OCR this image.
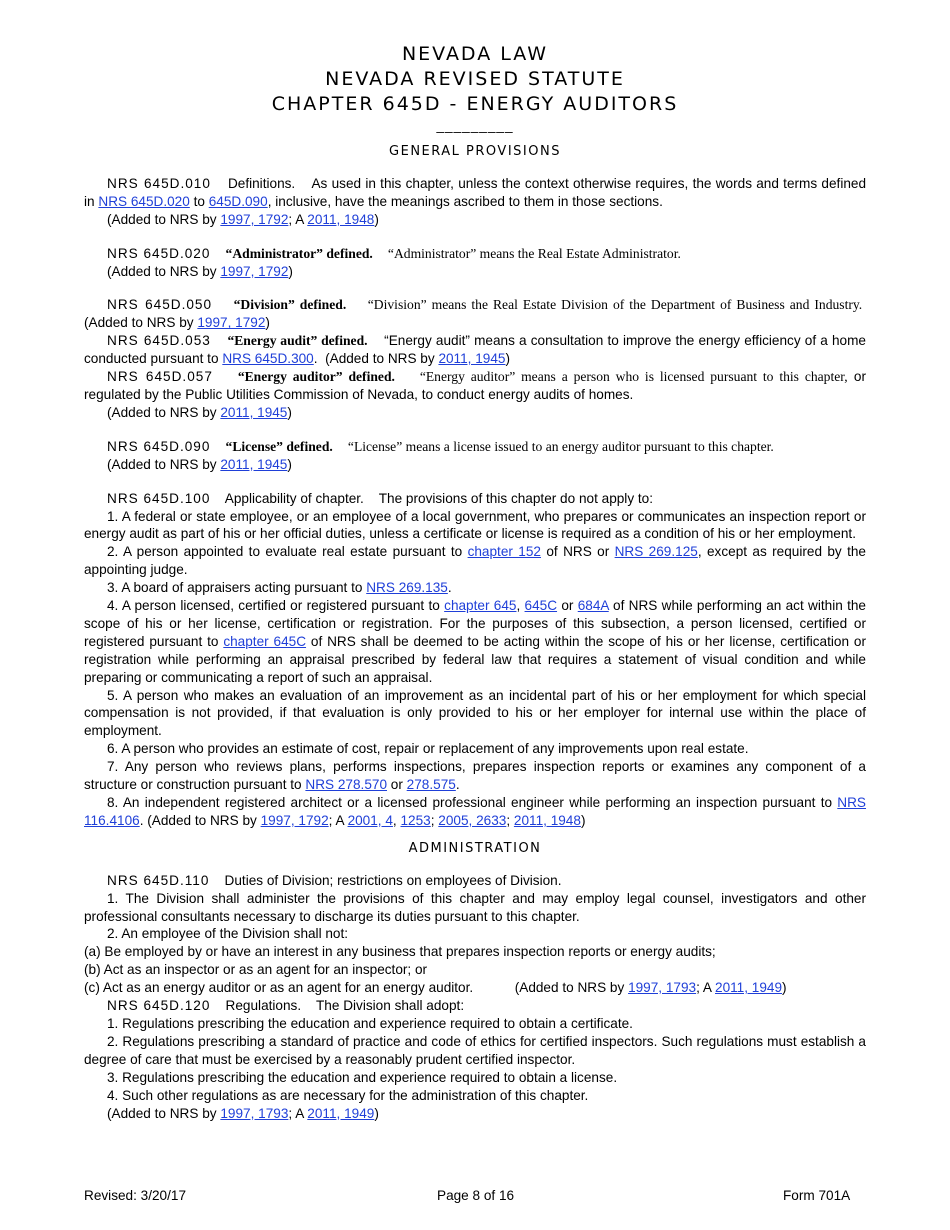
NEVADA LAW
NEVADA REVISED STATUTE
CHAPTER 645D - ENERGY AUDITORS
_________
GENERAL PROVISIONS

NRS 645D.010 Definitions. As used in this chapter, unless the context otherwise requires, the words and terms defined in NRS 645D.020 to 645D.090, inclusive, have the meanings ascribed to them in those sections.

(Added to NRS by 1997, 1792; A 2011, 1948)

NRS 645D.020 “Administrator” defined. “Administrator” means the Real Estate Administrator.

(Added to NRS by 1997, 1792)

NRS 645D.050 “Division” defined. “Division” means the Real Estate Division of the Department of Business and Industry.  (Added to NRS by 1997, 1792)

NRS 645D.053 “Energy audit” defined. “Energy audit” means a consultation to improve the energy efficiency of a home conducted pursuant to NRS 645D.300. (Added to NRS by 2011, 1945)

NRS 645D.057 “Energy auditor” defined. “Energy auditor” means a person who is licensed pursuant to this chapter, or regulated by the Public Utilities Commission of Nevada, to conduct energy audits of homes.

(Added to NRS by 2011, 1945)

NRS 645D.090 “License” defined. “License” means a license issued to an energy auditor pursuant to this chapter.

(Added to NRS by 2011, 1945)

NRS 645D.100 Applicability of chapter. The provisions of this chapter do not apply to:

1. A federal or state employee, or an employee of a local government, who prepares or communicates an inspection report or energy audit as part of his or her official duties, unless a certificate or license is required as a condition of his or her employment.

2. A person appointed to evaluate real estate pursuant to chapter 152 of NRS or NRS 269.125, except as required by the appointing judge.

3. A board of appraisers acting pursuant to NRS 269.135.

4. A person licensed, certified or registered pursuant to chapter 645, 645C or 684A of NRS while performing an act within the scope of his or her license, certification or registration. For the purposes of this subsection, a person licensed, certified or registered pursuant to chapter 645C of NRS shall be deemed to be acting within the scope of his or her license, certification or registration while performing an appraisal prescribed by federal law that requires a statement of visual condition and while preparing or communicating a report of such an appraisal.

5. A person who makes an evaluation of an improvement as an incidental part of his or her employment for which special compensation is not provided, if that evaluation is only provided to his or her employer for internal use within the place of employment.

6. A person who provides an estimate of cost, repair or replacement of any improvements upon real estate.

7. Any person who reviews plans, performs inspections, prepares inspection reports or examines any component of a structure or construction pursuant to NRS 278.570 or 278.575.

8. An independent registered architect or a licensed professional engineer while performing an inspection pursuant to NRS 116.4106. (Added to NRS by 1997, 1792; A 2001, 4, 1253; 2005, 2633; 2011, 1948)

ADMINISTRATION

NRS 645D.110 Duties of Division; restrictions on employees of Division.

1. The Division shall administer the provisions of this chapter and may employ legal counsel, investigators and other professional consultants necessary to discharge its duties pursuant to this chapter.

2. An employee of the Division shall not:

(a) Be employed by or have an interest in any business that prepares inspection reports or energy audits;

(b) Act as an inspector or as an agent for an inspector; or

(c) Act as an energy auditor or as an agent for an energy auditor.	(Added to NRS by 1997, 1793; A 2011, 1949)

NRS 645D.120 Regulations. The Division shall adopt:

1. Regulations prescribing the education and experience required to obtain a certificate.

2. Regulations prescribing a standard of practice and code of ethics for certified inspectors. Such regulations must establish a degree of care that must be exercised by a reasonably prudent certified inspector.

3. Regulations prescribing the education and experience required to obtain a license.

4. Such other regulations as are necessary for the administration of this chapter.

(Added to NRS by 1997, 1793; A 2011, 1949)

Revised: 3/20/17	Page 8 of 16	Form 701A
